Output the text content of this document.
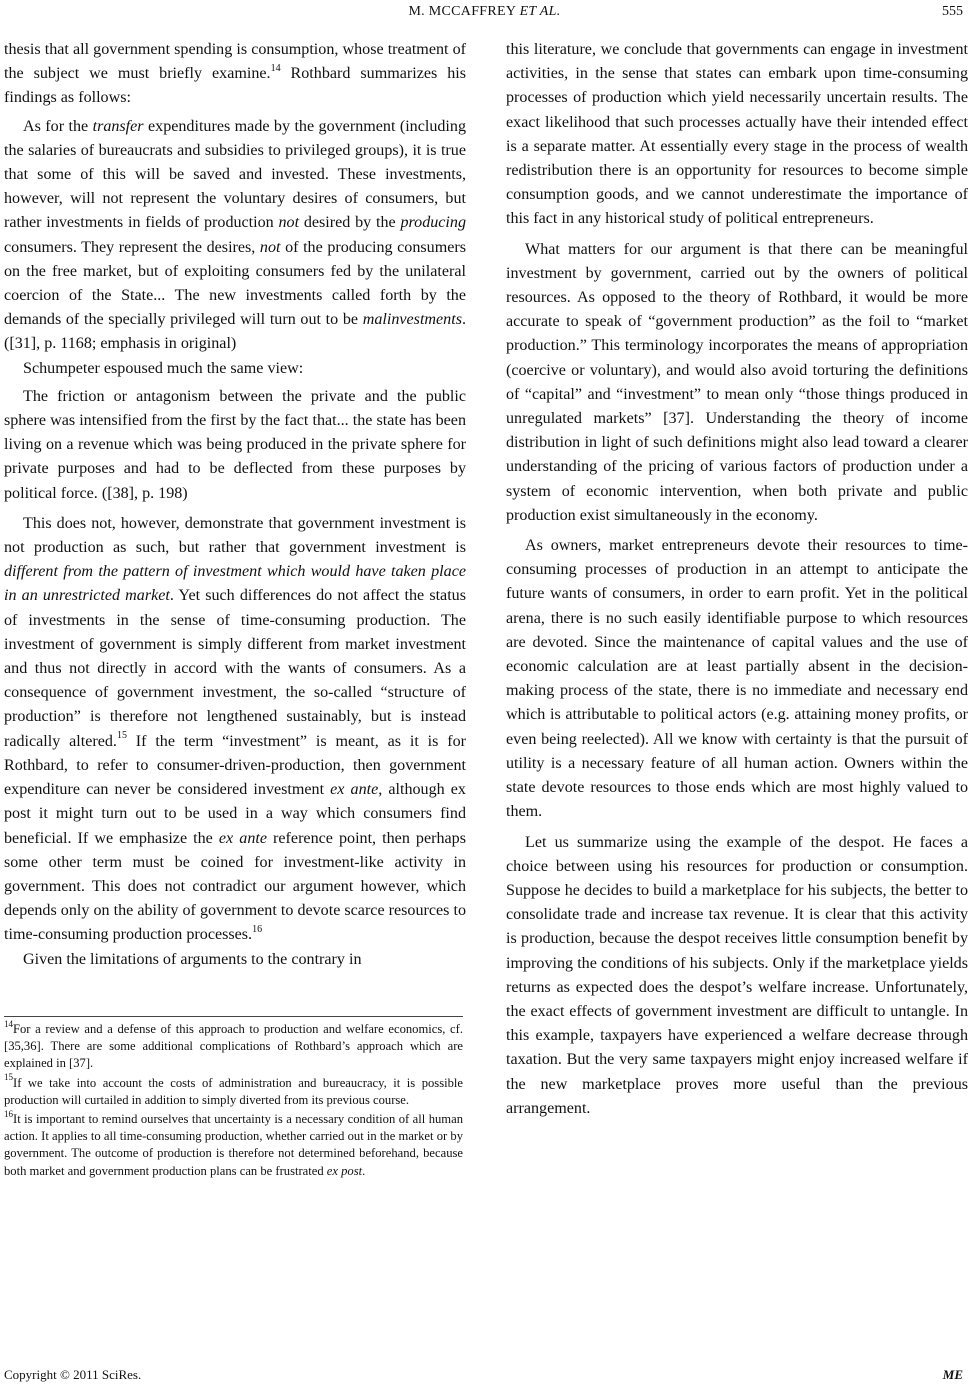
M. MCCAFFREY ET AL.	555

thesis that all government spending is consumption, whose treatment of the subject we must briefly examine.$^{14}$ Rothbard summarizes his findings as follows:

As for the transfer expenditures made by the government (including the salaries of bureaucrats and subsidies to privileged groups), it is true that some of this will be saved and invested. These investments, however, will not represent the voluntary desires of consumers, but rather investments in fields of production not desired by the producing consumers. They represent the desires, not of the producing consumers on the free market, but of exploiting consumers fed by the unilateral coercion of the State... The new investments called forth by the demands of the specially privileged will turn out to be malinvestments. ([31], p. 1168; emphasis in original)

Schumpeter espoused much the same view:

The friction or antagonism between the private and the public sphere was intensified from the first by the fact that... the state has been living on a revenue which was being produced in the private sphere for private purposes and had to be deflected from these purposes by political force. ([38], p. 198)

This does not, however, demonstrate that government investment is not production as such, but rather that government investment is different from the pattern of investment which would have taken place in an unrestricted market. Yet such differences do not affect the status of investments in the sense of time-consuming production. The investment of government is simply different from market investment and thus not directly in accord with the wants of consumers. As a consequence of government investment, the so-called “structure of production” is therefore not lengthened sustainably, but is instead radically altered.$^{15}$ If the term “investment” is meant, as it is for Rothbard, to refer to consumer-driven-production, then government expenditure can never be considered investment ex ante, although ex post it might turn out to be used in a way which consumers find beneficial. If we emphasize the ex ante reference point, then perhaps some other term must be coined for investment-like activity in government. This does not contradict our argument however, which depends only on the ability of government to devote scarce resources to time-consuming production processes.$^{16}$

Given the limitations of arguments to the contrary in

$^{14}$For a review and a defense of this approach to production and welfare economics, cf. [35,36]. There are some additional complications of Rothbard’s approach which are explained in [37].

$^{15}$If we take into account the costs of administration and bureaucracy, it is possible production will curtailed in addition to simply diverted from its previous course.

$^{16}$It is important to remind ourselves that uncertainty is a necessary condition of all human action. It applies to all time-consuming production, whether carried out in the market or by government. The outcome of production is therefore not determined beforehand, because both market and government production plans can be frustrated ex post.

this literature, we conclude that governments can engage in investment activities, in the sense that states can embark upon time-consuming processes of production which yield necessarily uncertain results. The exact likelihood that such processes actually have their intended effect is a separate matter. At essentially every stage in the process of wealth redistribution there is an opportunity for resources to become simple consumption goods, and we cannot underestimate the importance of this fact in any historical study of political entrepreneurs.

What matters for our argument is that there can be meaningful investment by government, carried out by the owners of political resources. As opposed to the theory of Rothbard, it would be more accurate to speak of “government production” as the foil to “market production.” This terminology incorporates the means of appropriation (coercive or voluntary), and would also avoid torturing the definitions of “capital” and “investment” to mean only “those things produced in unregulated markets” [37]. Understanding the theory of income distribution in light of such definitions might also lead toward a clearer understanding of the pricing of various factors of production under a system of economic intervention, when both private and public production exist simultaneously in the economy.

As owners, market entrepreneurs devote their resources to time-consuming processes of production in an attempt to anticipate the future wants of consumers, in order to earn profit. Yet in the political arena, there is no such easily identifiable purpose to which resources are devoted. Since the maintenance of capital values and the use of economic calculation are at least partially absent in the decision-making process of the state, there is no immediate and necessary end which is attributable to political actors (e.g. attaining money profits, or even being reelected). All we know with certainty is that the pursuit of utility is a necessary feature of all human action. Owners within the state devote resources to those ends which are most highly valued to them.

Let us summarize using the example of the despot. He faces a choice between using his resources for production or consumption. Suppose he decides to build a marketplace for his subjects, the better to consolidate trade and increase tax revenue. It is clear that this activity is production, because the despot receives little consumption benefit by improving the conditions of his subjects. Only if the marketplace yields returns as expected does the despot’s welfare increase. Unfortunately, the exact effects of government investment are difficult to untangle. In this example, taxpayers have experienced a welfare decrease through taxation. But the very same taxpayers might enjoy increased welfare if the new marketplace proves more useful than the previous arrangement.

Copyright © 2011 SciRes.	ME
